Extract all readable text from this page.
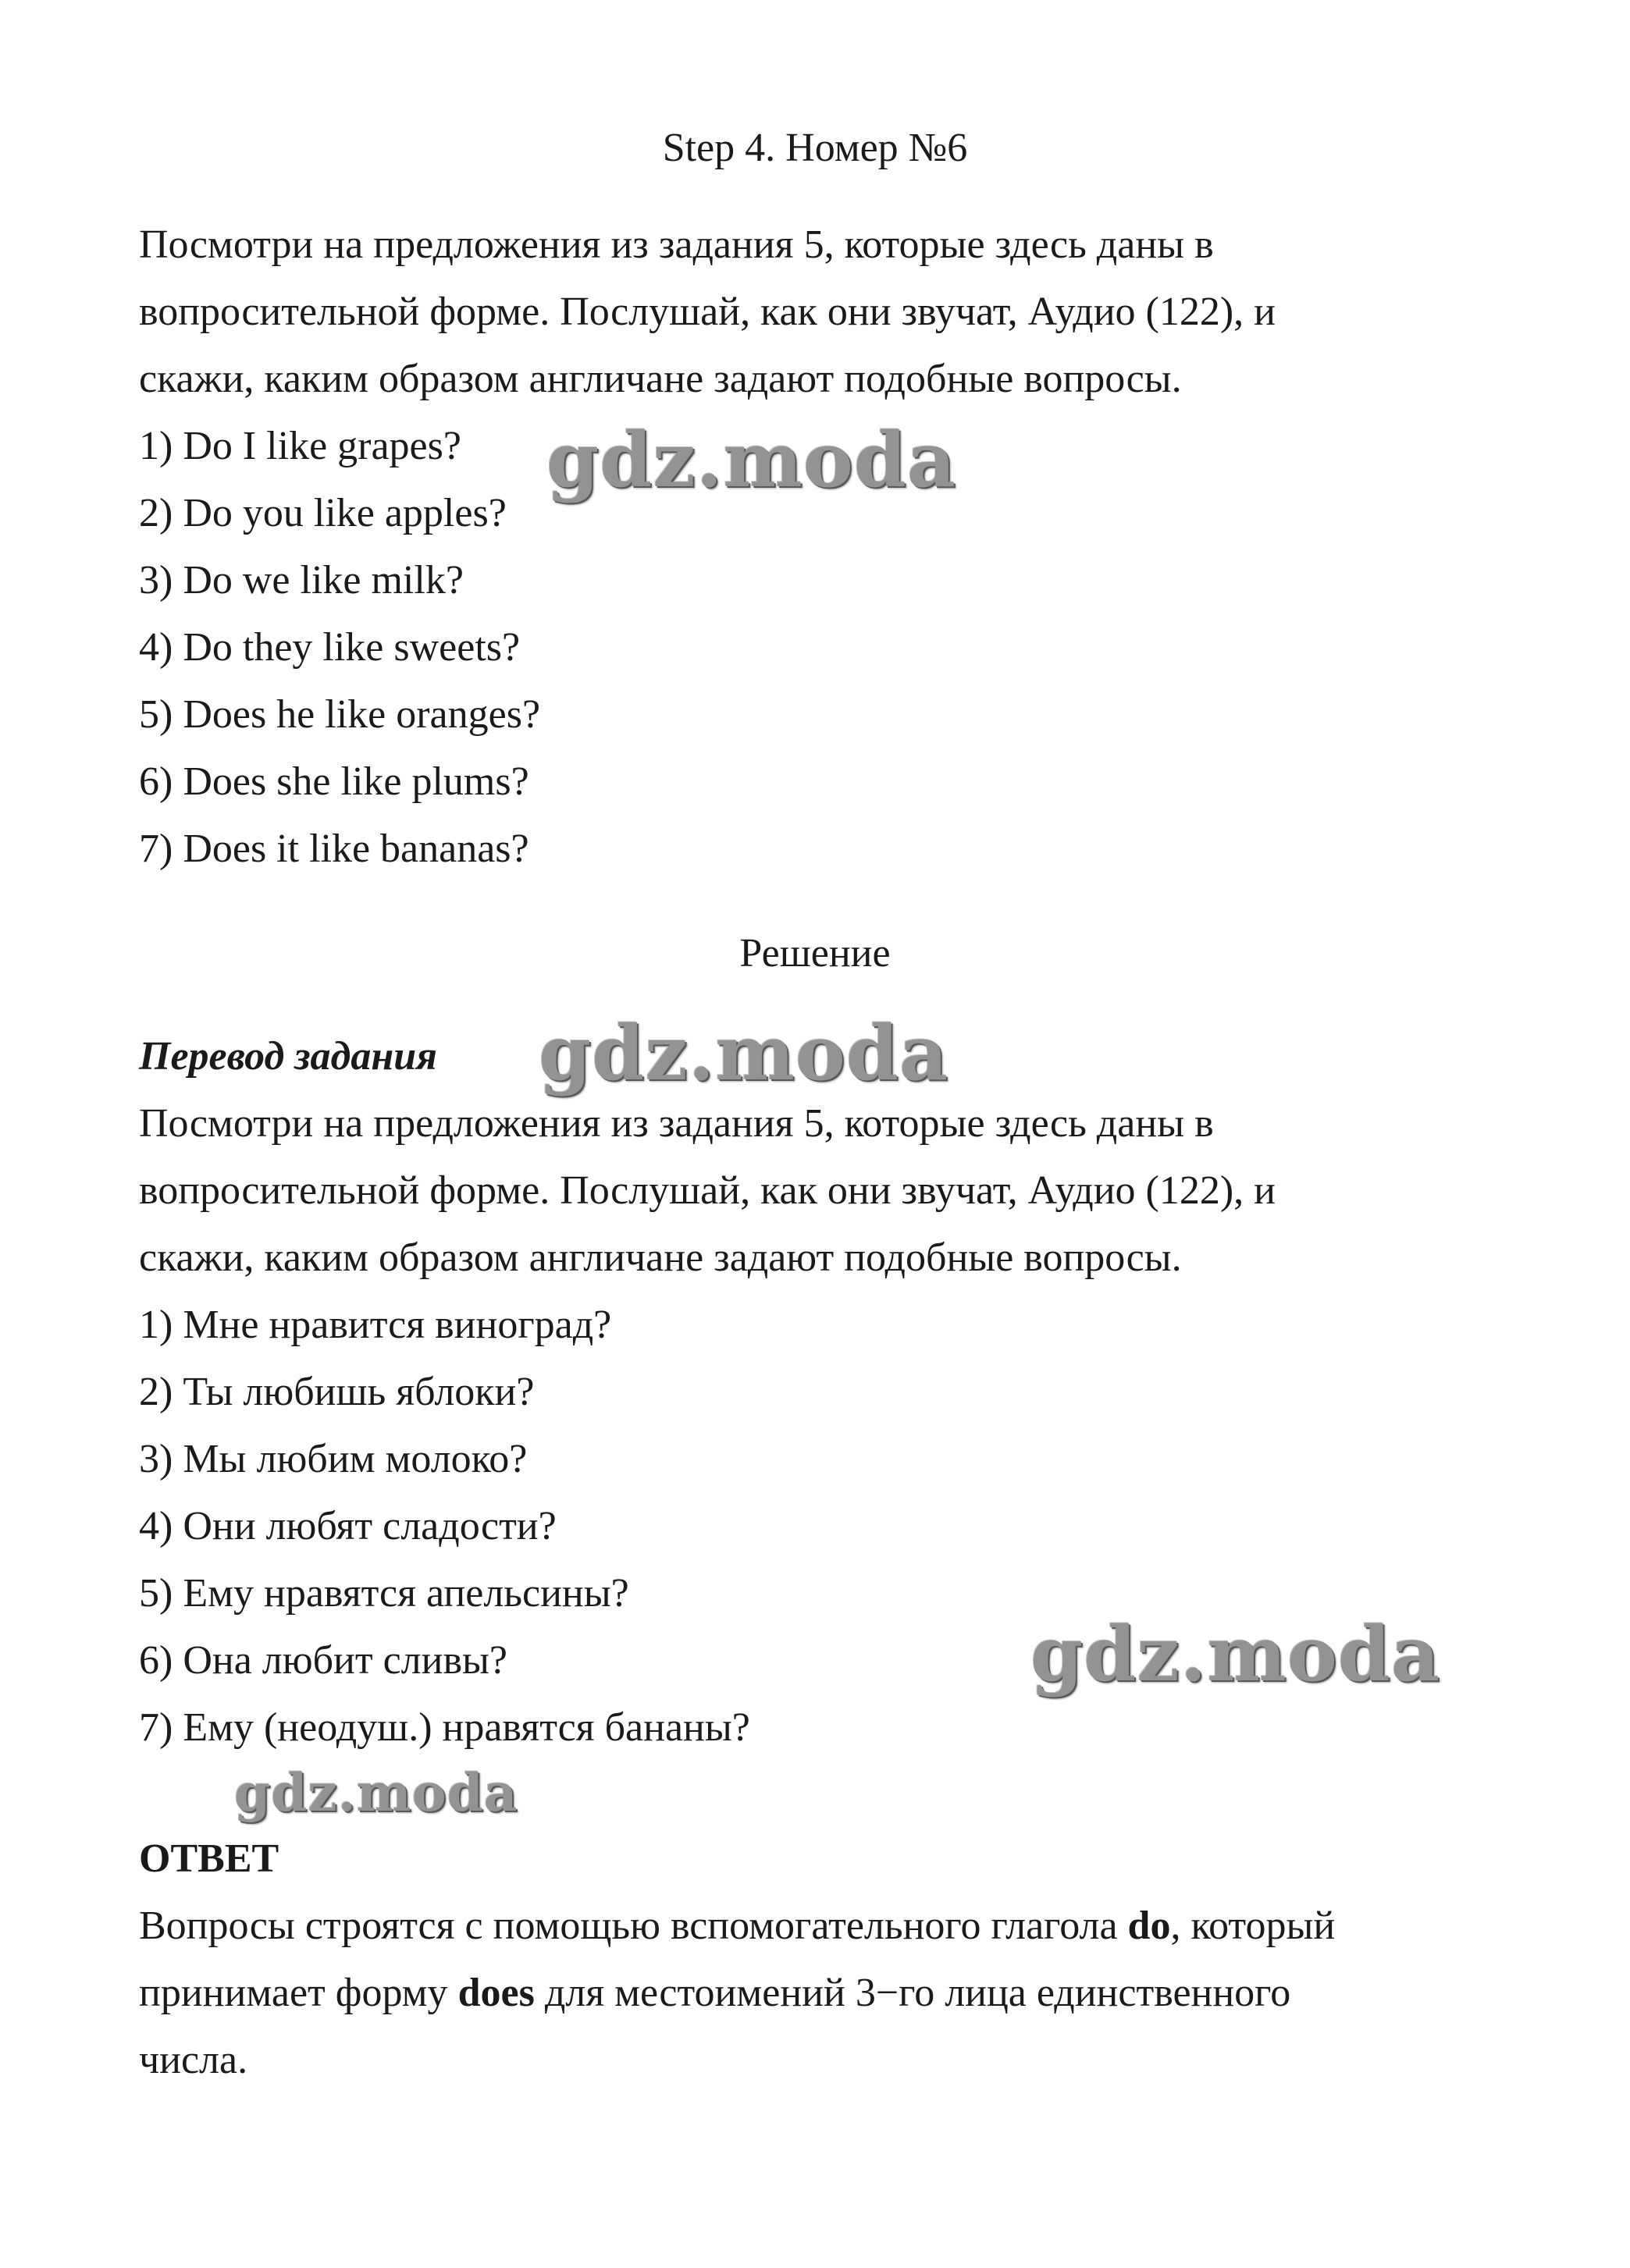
Step 4. Номер №6
Посмотри на предложения из задания 5, которые здесь даны в
вопросительной форме. Послушай, как они звучат, Аудио (122), и
скажи, каким образом англичане задают подобные вопросы.
1) Do I like grapes?
2) Do you like apples?
3) Do we like milk?
4) Do they like sweets?
5) Does he like oranges?
6) Does she like plums?
7) Does it like bananas?
Решение
Перевод задания
Посмотри на предложения из задания 5, которые здесь даны в
вопросительной форме. Послушай, как они звучат, Аудио (122), и
скажи, каким образом англичане задают подобные вопросы.
1) Мне нравится виноград?
2) Ты любишь яблоки?
3) Мы любим молоко?
4) Они любят сладости?
5) Ему нравятся апельсины?
6) Она любит сливы?
7) Ему (неодуш.) нравятся бананы?
ОТВЕТ
Вопросы строятся с помощью вспомогательного глагола do, который
принимает форму does для местоимений 3−го лица единственного
числа.
gdz.moda
gdz.moda
gdz.moda
gdz.moda
